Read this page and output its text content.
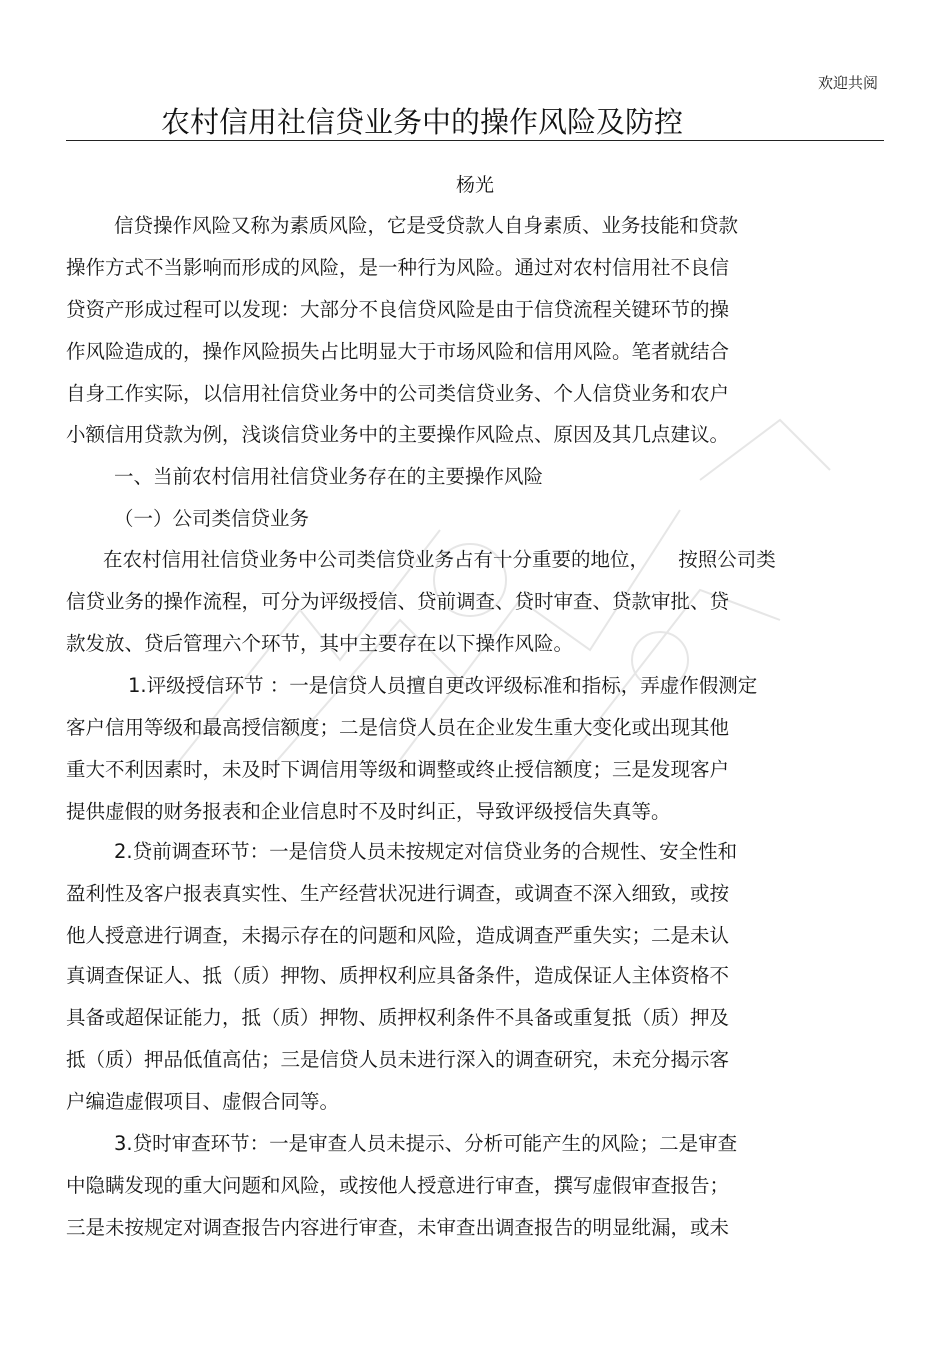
欢迎共阅
农村信用社信贷业务中的操作风险及防控
杨光
信贷操作风险又称为素质风险，它是受贷款人自身素质、业务技能和贷款
操作方式不当影响而形成的风险，是一种行为风险。通过对农村信用社不良信
贷资产形成过程可以发现：大部分不良信贷风险是由于信贷流程关键环节的操
作风险造成的，操作风险损失占比明显大于市场风险和信用风险。笔者就结合
自身工作实际，以信用社信贷业务中的公司类信贷业务、个人信贷业务和农户
小额信用贷款为例，浅谈信贷业务中的主要操作风险点、原因及其几点建议。
一、当前农村信用社信贷业务存在的主要操作风险
（一）公司类信贷业务
在农村信用社信贷业务中公司类信贷业务占有十分重要的地位，　　按照公司类
信贷业务的操作流程，可分为评级授信、贷前调查、贷时审查、贷款审批、贷
款发放、贷后管理六个环节，其中主要存在以下操作风险。
1.评级授信环节 ：一是信贷人员擅自更改评级标准和指标，弄虚作假测定
客户信用等级和最高授信额度；二是信贷人员在企业发生重大变化或出现其他
重大不利因素时，未及时下调信用等级和调整或终止授信额度；三是发现客户
提供虚假的财务报表和企业信息时不及时纠正，导致评级授信失真等。
2.贷前调查环节：一是信贷人员未按规定对信贷业务的合规性、安全性和
盈利性及客户报表真实性、生产经营状况进行调查，或调查不深入细致，或按
他人授意进行调查，未揭示存在的问题和风险，造成调查严重失实；二是未认
真调查保证人、抵（质）押物、质押权利应具备条件，造成保证人主体资格不
具备或超保证能力，抵（质）押物、质押权利条件不具备或重复抵（质）押及
抵（质）押品低值高估；三是信贷人员未进行深入的调查研究，未充分揭示客
户编造虚假项目、虚假合同等。
3.贷时审查环节：一是审查人员未提示、分析可能产生的风险；二是审查
中隐瞒发现的重大问题和风险，或按他人授意进行审查，撰写虚假审查报告；
三是未按规定对调查报告内容进行审查，未审查出调查报告的明显纰漏，或未
